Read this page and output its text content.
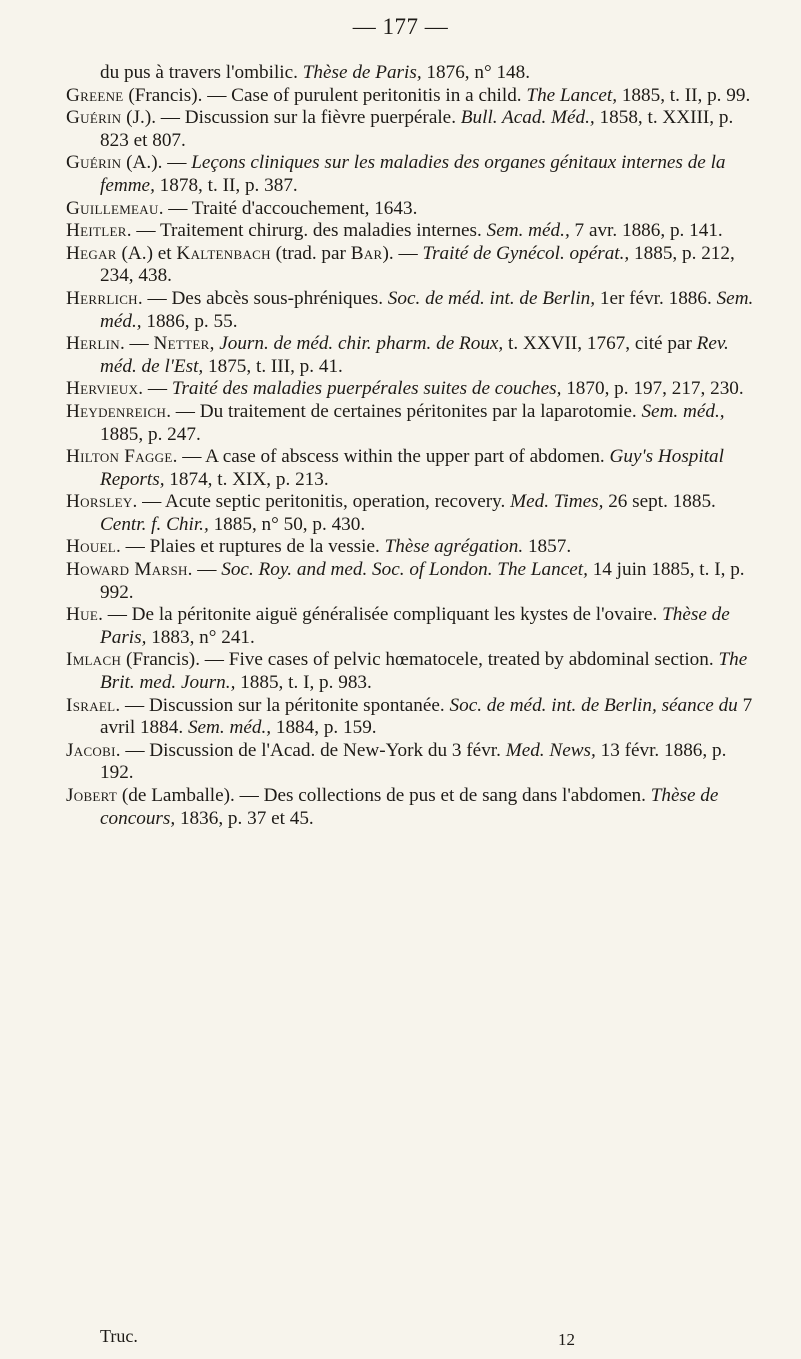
— 177 —

du pus à travers l'ombilic. Thèse de Paris, 1876, n° 148.

Greene (Francis). — Case of purulent peritonitis in a child. The Lancet, 1885, t. II, p. 99.

Guérin (J.). — Discussion sur la fièvre puerpérale. Bull. Acad. Méd., 1858, t. XXIII, p. 823 et 807.

Guérin (A.). — Leçons cliniques sur les maladies des organes génitaux internes de la femme, 1878, t. II, p. 387.

Guillemeau. — Traité d'accouchement, 1643.

Heitler. — Traitement chirurg. des maladies internes. Sem. méd., 7 avr. 1886, p. 141.

Hegar (A.) et Kaltenbach (trad. par Bar). — Traité de Gynécol. opérat., 1885, p. 212, 234, 438.

Herrlich. — Des abcès sous-phréniques. Soc. de méd. int. de Berlin, 1er févr. 1886. Sem. méd., 1886, p. 55.

Herlin. — Netter, Journ. de méd. chir. pharm. de Roux, t. XXVII, 1767, cité par Rev. méd. de l'Est, 1875, t. III, p. 41.

Hervieux. — Traité des maladies puerpérales suites de couches, 1870, p. 197, 217, 230.

Heydenreich. — Du traitement de certaines péritonites par la laparotomie. Sem. méd., 1885, p. 247.

Hilton Fagge. — A case of abscess within the upper part of abdomen. Guy's Hospital Reports, 1874, t. XIX, p. 213.

Horsley. — Acute septic peritonitis, operation, recovery. Med. Times, 26 sept. 1885. Centr. f. Chir., 1885, n° 50, p. 430.

Houel. — Plaies et ruptures de la vessie. Thèse agrégation. 1857.

Howard Marsh. — Soc. Roy. and med. Soc. of London. The Lancet, 14 juin 1885, t. I, p. 992.

Hue. — De la péritonite aiguë généralisée compliquant les kystes de l'ovaire. Thèse de Paris, 1883, n° 241.

Imlach (Francis). — Five cases of pelvic hœmatocele, treated by abdominal section. The Brit. med. Journ., 1885, t. I, p. 983.

Israel. — Discussion sur la péritonite spontanée. Soc. de méd. int. de Berlin, séance du 7 avril 1884. Sem. méd., 1884, p. 159.

Jacobi. — Discussion de l'Acad. de New-York du 3 févr. Med. News, 13 févr. 1886, p. 192.

Jobert (de Lamballe). — Des collections de pus et de sang dans l'abdomen. Thèse de concours, 1836, p. 37 et 45.

Truc.	12
